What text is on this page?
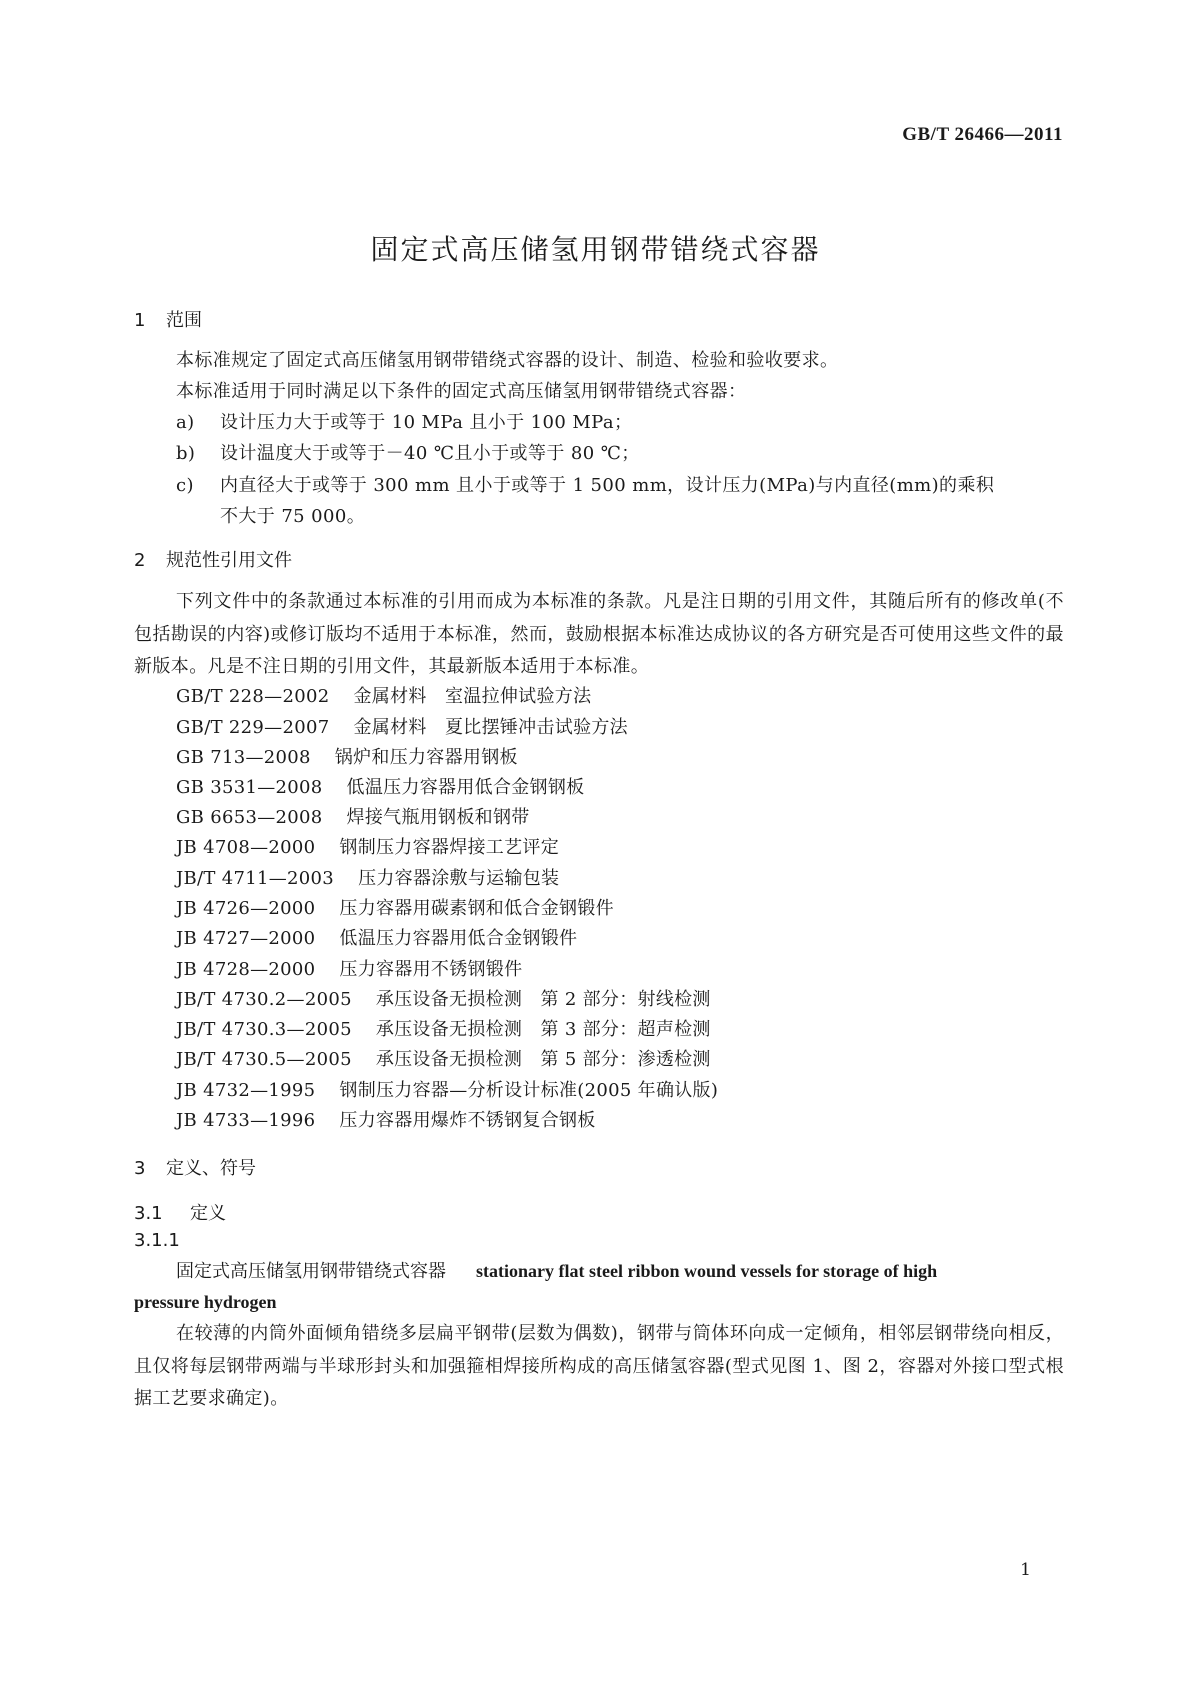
GB/T 26466—2011
固定式高压储氢用钢带错绕式容器
1 范围
本标准规定了固定式高压储氢用钢带错绕式容器的设计、制造、检验和验收要求。
本标准适用于同时满足以下条件的固定式高压储氢用钢带错绕式容器：
a) 设计压力大于或等于 10 MPa 且小于 100 MPa；
b) 设计温度大于或等于－40 ℃且小于或等于 80 ℃；
c) 内直径大于或等于 300 mm 且小于或等于 1 500 mm，设计压力(MPa)与内直径(mm)的乘积
不大于 75 000。
2 规范性引用文件
下列文件中的条款通过本标准的引用而成为本标准的条款。凡是注日期的引用文件，其随后所有的修改单(不包括勘误的内容)或修订版均不适用于本标准，然而，鼓励根据本标准达成协议的各方研究是否可使用这些文件的最新版本。凡是不注日期的引用文件，其最新版本适用于本标准。
GB/T 228—2002 金属材料　室温拉伸试验方法
GB/T 229—2007 金属材料　夏比摆锤冲击试验方法
GB 713—2008 锅炉和压力容器用钢板
GB 3531—2008 低温压力容器用低合金钢钢板
GB 6653—2008 焊接气瓶用钢板和钢带
JB 4708—2000 钢制压力容器焊接工艺评定
JB/T 4711—2003 压力容器涂敷与运输包装
JB 4726—2000 压力容器用碳素钢和低合金钢锻件
JB 4727—2000 低温压力容器用低合金钢锻件
JB 4728—2000 压力容器用不锈钢锻件
JB/T 4730.2—2005 承压设备无损检测　第 2 部分：射线检测
JB/T 4730.3—2005 承压设备无损检测　第 3 部分：超声检测
JB/T 4730.5—2005 承压设备无损检测　第 5 部分：渗透检测
JB 4732—1995 钢制压力容器—分析设计标准(2005 年确认版)
JB 4733—1996 压力容器用爆炸不锈钢复合钢板
3 定义、符号
3.1 定义
3.1.1
固定式高压储氢用钢带错绕式容器 stationary flat steel ribbon wound vessels for storage of high
pressure hydrogen
在较薄的内筒外面倾角错绕多层扁平钢带(层数为偶数)，钢带与筒体环向成一定倾角，相邻层钢带绕向相反，且仅将每层钢带两端与半球形封头和加强箍相焊接所构成的高压储氢容器(型式见图 1、图 2，容器对外接口型式根据工艺要求确定)。
1
